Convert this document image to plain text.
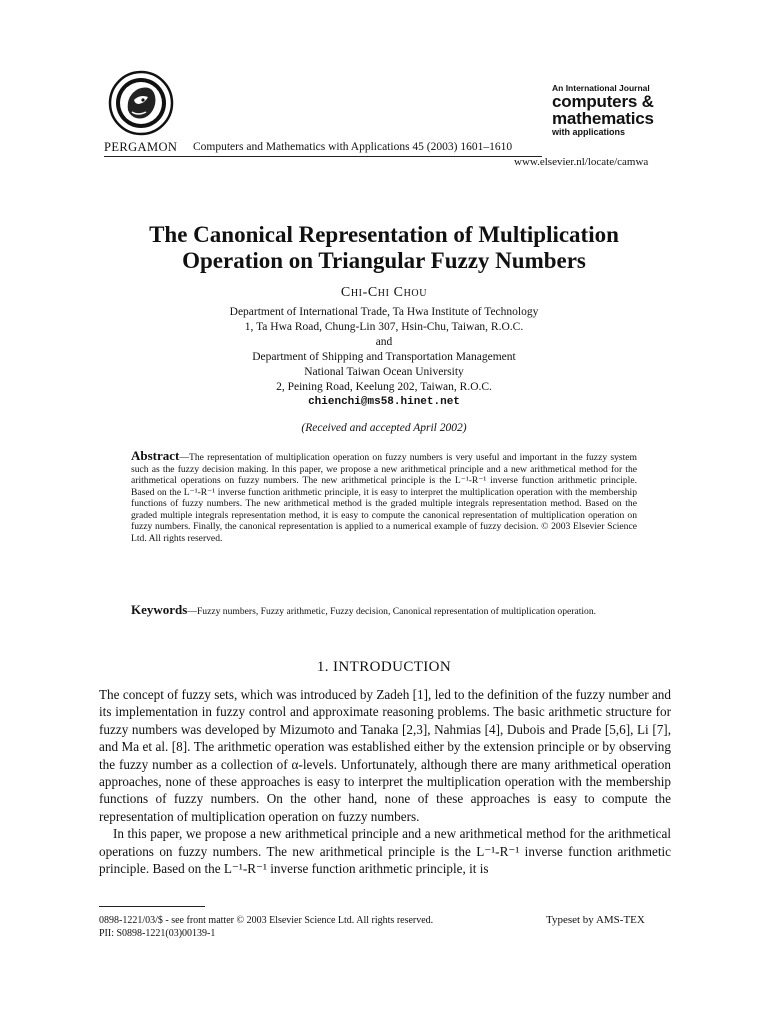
PERGAMON Computers and Mathematics with Applications 45 (2003) 1601–1610
An International Journal
computers &
mathematics
with applications
www.elsevier.nl/locate/camwa
The Canonical Representation of Multiplication
Operation on Triangular Fuzzy Numbers
Chi-Chi Chou
Department of International Trade, Ta Hwa Institute of Technology
1, Ta Hwa Road, Chung-Lin 307, Hsin-Chu, Taiwan, R.O.C.
and
Department of Shipping and Transportation Management
National Taiwan Ocean University
2, Peining Road, Keelung 202, Taiwan, R.O.C.
chienchi@ms58.hinet.net
(Received and accepted April 2002)
Abstract—The representation of multiplication operation on fuzzy numbers is very useful and important in the fuzzy system such as the fuzzy decision making. In this paper, we propose a new arithmetical principle and a new arithmetical method for the arithmetical operations on fuzzy numbers. The new arithmetical principle is the L⁻¹-R⁻¹ inverse function arithmetic principle. Based on the L⁻¹-R⁻¹ inverse function arithmetic principle, it is easy to interpret the multiplication operation with the membership functions of fuzzy numbers. The new arithmetical method is the graded multiple integrals representation method. Based on the graded multiple integrals representation method, it is easy to compute the canonical representation of multiplication operation on fuzzy numbers. Finally, the canonical representation is applied to a numerical example of fuzzy decision. © 2003 Elsevier Science Ltd. All rights reserved.
Keywords—Fuzzy numbers, Fuzzy arithmetic, Fuzzy decision, Canonical representation of multiplication operation.
1. INTRODUCTION

The concept of fuzzy sets, which was introduced by Zadeh [1], led to the definition of the fuzzy number and its implementation in fuzzy control and approximate reasoning problems. The basic arithmetic structure for fuzzy numbers was developed by Mizumoto and Tanaka [2,3], Nahmias [4], Dubois and Prade [5,6], Li [7], and Ma et al. [8]. The arithmetic operation was established either by the extension principle or by observing the fuzzy number as a collection of α-levels. Unfortunately, although there are many arithmetical operation approaches, none of these approaches is easy to interpret the multiplication operation with the membership functions of fuzzy numbers. On the other hand, none of these approaches is easy to compute the representation of multiplication operation on fuzzy numbers.

In this paper, we propose a new arithmetical principle and a new arithmetical method for the arithmetical operations on fuzzy numbers. The new arithmetical principle is the L⁻¹-R⁻¹ inverse function arithmetic principle. Based on the L⁻¹-R⁻¹ inverse function arithmetic principle, it is

0898-1221/03/$ - see front matter © 2003 Elsevier Science Ltd. All rights reserved.
PII: S0898-1221(03)00139-1
Typeset by AMS-TEX
